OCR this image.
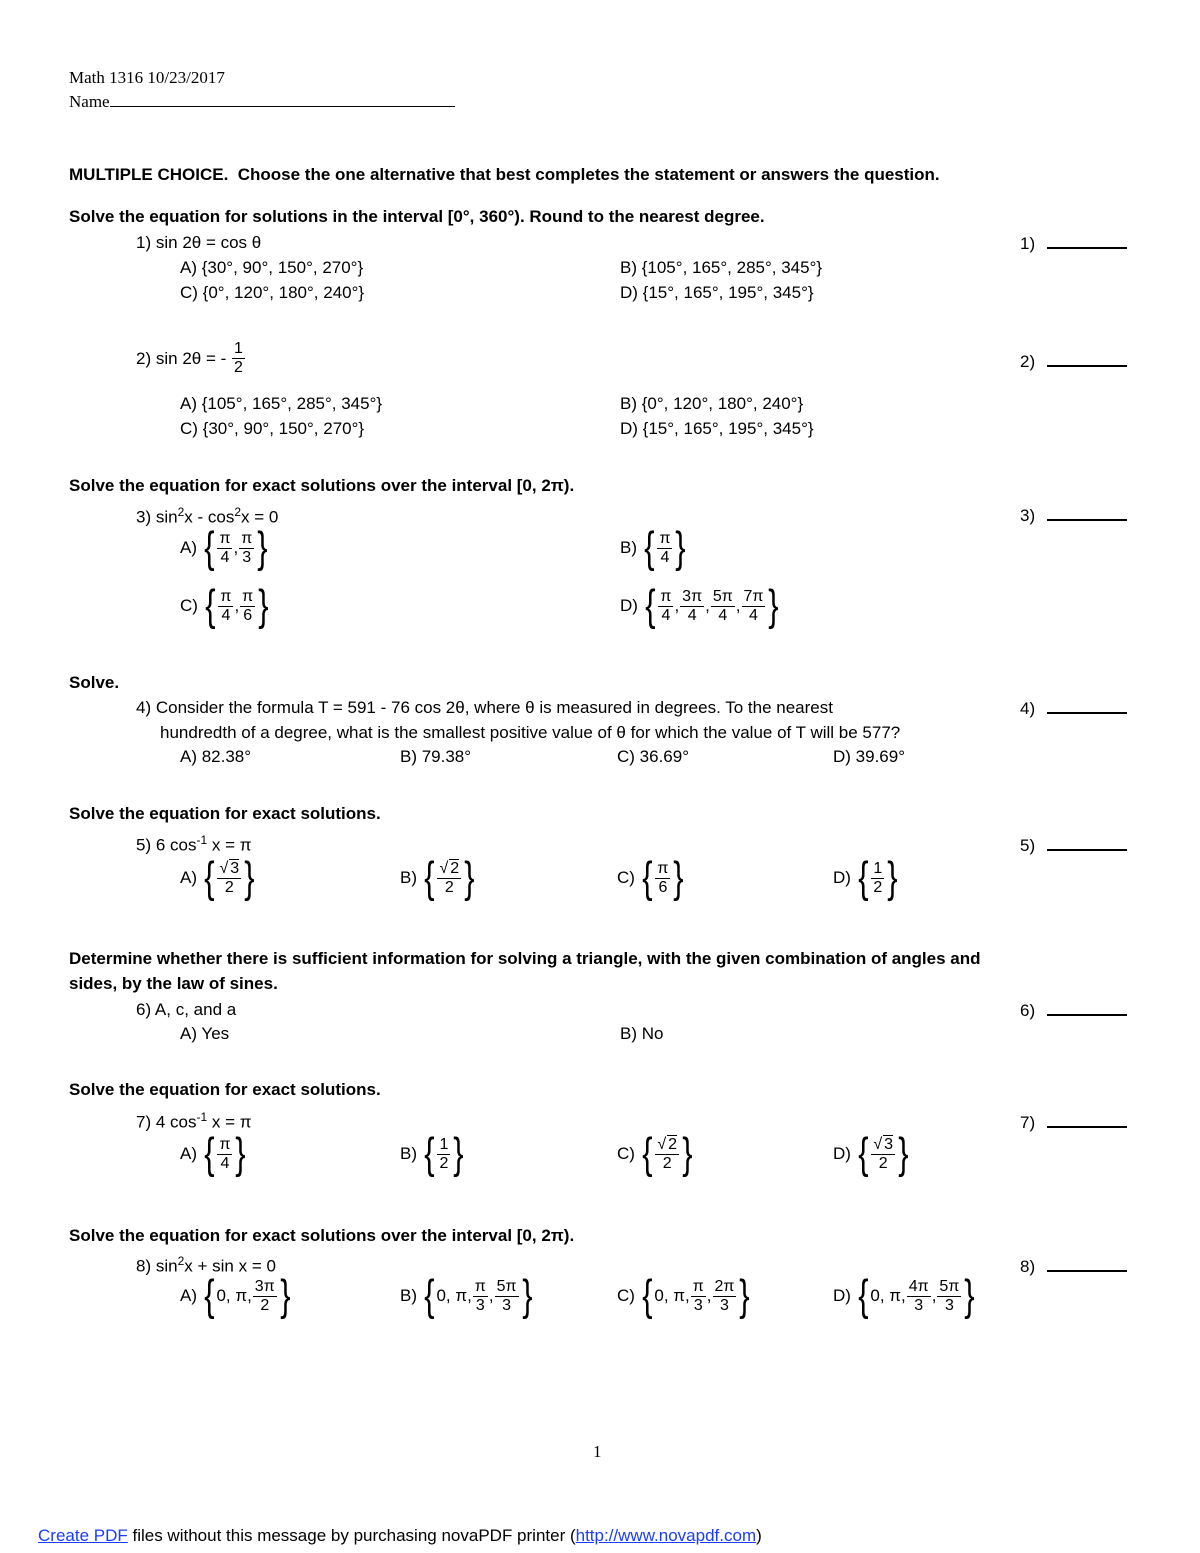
Math 1316 10/23/2017
Name
MULTIPLE CHOICE. Choose the one alternative that best completes the statement or answers the question.
Solve the equation for solutions in the interval [0°, 360°). Round to the nearest degree.
1) sin 2θ = cos θ	1)
A) {30°, 90°, 150°, 270°}	B) {105°, 165°, 285°, 345°}
C) {0°, 120°, 180°, 240°}	D) {15°, 165°, 195°, 345°}
2)
sin 2θ = -
$\frac{1}{2}$	2)
A) {105°, 165°, 285°, 345°}	B) {0°, 120°, 180°, 240°}
C) {30°, 90°, 150°, 270°}	D) {15°, 165°, 195°, 345°}
Solve the equation for exact solutions over the interval [0, 2π).
3) $\sin^2x - \cos^2x = 0$	3)
A)
{ $\frac{\pi}{4}$ , $\frac{\pi}{3}$ }	B)
{ $\frac{\pi}{4}$ }
C)
{ $\frac{\pi}{4}$ , $\frac{\pi}{6}$ }	D)
{ $\frac{\pi}{4}$ , $\frac{3\pi}{4}$ , $\frac{5\pi}{4}$ , $\frac{7\pi}{4}$ }
Solve.
4) Consider the formula T = 591 - 76 cos 2θ, where θ is measured in degrees. To the nearest
hundredth of a degree, what is the smallest positive value of θ for which the value of T will be 577?
4)
A) 82.38°	B) 79.38°	C) 36.69°	D) 39.69°
Solve the equation for exact solutions.
5) 6 $\cos^{-1} x = \pi$	5)
A)
{ $\frac{√ 3}{2}$ }	B)
{ $\frac{√ 2}{2}$ }	C)
{ $\frac{\pi}{6}$ }	D)
{ $\frac{1}{2}$ }
Determine whether there is sufficient information for solving a triangle, with the given combination of angles and
sides, by the law of sines.
6) A, c, and a	6)
A) Yes	B) No
Solve the equation for exact solutions.
7) 4 $\cos^{-1} x = \pi$	7)
A)
{ $\frac{\pi}{4}$ }	B)
{ $\frac{1}{2}$ }	C)
{ $\frac{√ 2}{2}$ }	D)
{ $\frac{√ 3}{2}$ }
Solve the equation for exact solutions over the interval [0, 2π).
8) $\sin^2x + \sin x = 0$	8)
A)
{ 0, π, $\frac{3\pi}{2}$ }	B)
{ 0, π, $\frac{\pi}{3}$ , $\frac{5\pi}{3}$ }	C)
{ 0, π, $\frac{\pi}{3}$ , $\frac{2\pi}{3}$ }	D)
{ 0, π, $\frac{4\pi}{3}$ , $\frac{5\pi}{3}$ }
1
Create PDF files without this message by purchasing novaPDF printer (http://www.novapdf.com)
